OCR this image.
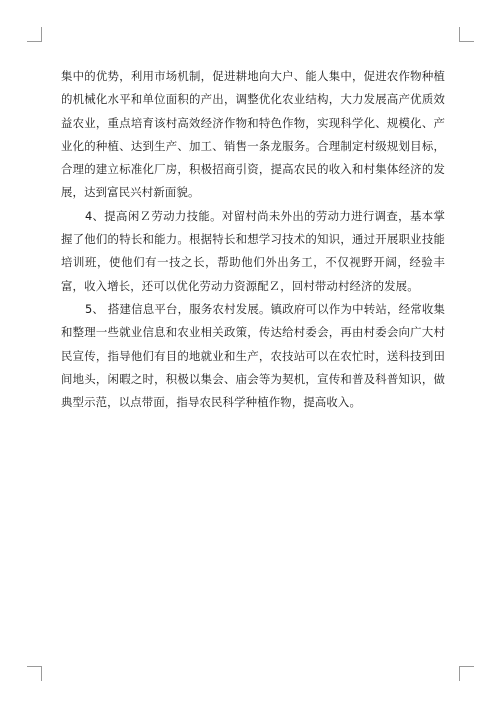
集中的优势，利用市场机制，促进耕地向大户、能人集中，促进农作物种植的机械化水平和单位面积的产出，调整优化农业结构，大力发展高产优质效益农业，重点培育该村高效经济作物和特色作物，实现科学化、规模化、产业化的种植、达到生产、加工、销售一条龙服务。合理制定村级规划目标，合理的建立标准化厂房，积极招商引资，提高农民的收入和村集体经济的发展，达到富民兴村新面貌。

4、提高闲Ｚ劳动力技能。对留村尚未外出的劳动力进行调查，基本掌握了他们的特长和能力。根据特长和想学习技术的知识，通过开展职业技能培训班，使他们有一技之长，帮助他们外出务工，不仅视野开阔，经验丰富，收入增长，还可以优化劳动力资源配Ｚ，回村带动村经济的发展。

5、 搭建信息平台，服务农村发展。镇政府可以作为中转站，经常收集和整理一些就业信息和农业相关政策，传达给村委会，再由村委会向广大村民宣传，指导他们有目的地就业和生产，农技站可以在农忙时，送科技到田间地头，闲暇之时，积极以集会、庙会等为契机，宣传和普及科普知识，做典型示范，以点带面，指导农民科学种植作物，提高收入。
